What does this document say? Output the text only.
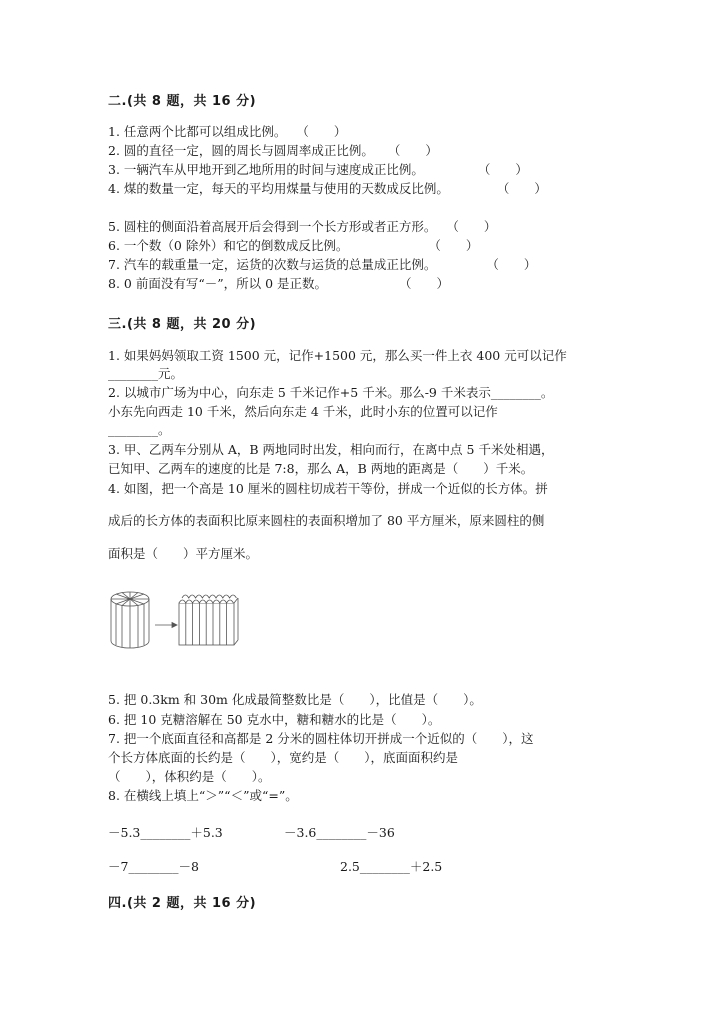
二.(共 8 题，共 16 分)
1. 任意两个比都可以组成比例。 （　　）
2. 圆的直径一定，圆的周长与圆周率成正比例。 （　　）
3. 一辆汽车从甲地开到乙地所用的时间与速度成正比例。	（　　）
4. 煤的数量一定，每天的平均用煤量与使用的天数成反比例。	（　　）
5. 圆柱的侧面沿着高展开后会得到一个长方形或者正方形。 （　　）
6. 一个数（0 除外）和它的倒数成反比例。	（　　）
7. 汽车的载重量一定，运货的次数与运货的总量成正比例。	（　　）
8. 0 前面没有写“－”，所以 0 是正数。	（　　）
三.(共 8 题，共 20 分)
1. 如果妈妈领取工资 1500 元，记作+1500 元，那么买一件上衣 400 元可以记作
________元。
2. 以城市广场为中心，向东走 5 千米记作+5 千米。那么-9 千米表示________。
小东先向西走 10 千米，然后向东走 4 千米，此时小东的位置可以记作
________。
3. 甲、乙两车分别从 A，B 两地同时出发，相向而行，在离中点 5 千米处相遇，
已知甲、乙两车的速度的比是 7:8，那么 A，B 两地的距离是（　　）千米。
4. 如图，把一个高是 10 厘米的圆柱切成若干等份，拼成一个近似的长方体。拼
成后的长方体的表面积比原来圆柱的表面积增加了 80 平方厘米，原来圆柱的侧
面积是（　　）平方厘米。
5. 把 0.3km 和 30m 化成最简整数比是（　　），比值是（　　）。
6. 把 10 克糖溶解在 50 克水中，糖和糖水的比是（　　）。
7. 把一个底面直径和高都是 2 分米的圆柱体切开拼成一个近似的（　　），这
个长方体底面的长约是（　　），宽约是（　　），底面面积约是
（　　），体积约是（　　）。
8. 在横线上填上“＞”“＜”或“=”。
－5.3________＋5.3	－3.6________－36
－7________－8	2.5________＋2.5
四.(共 2 题，共 16 分)
